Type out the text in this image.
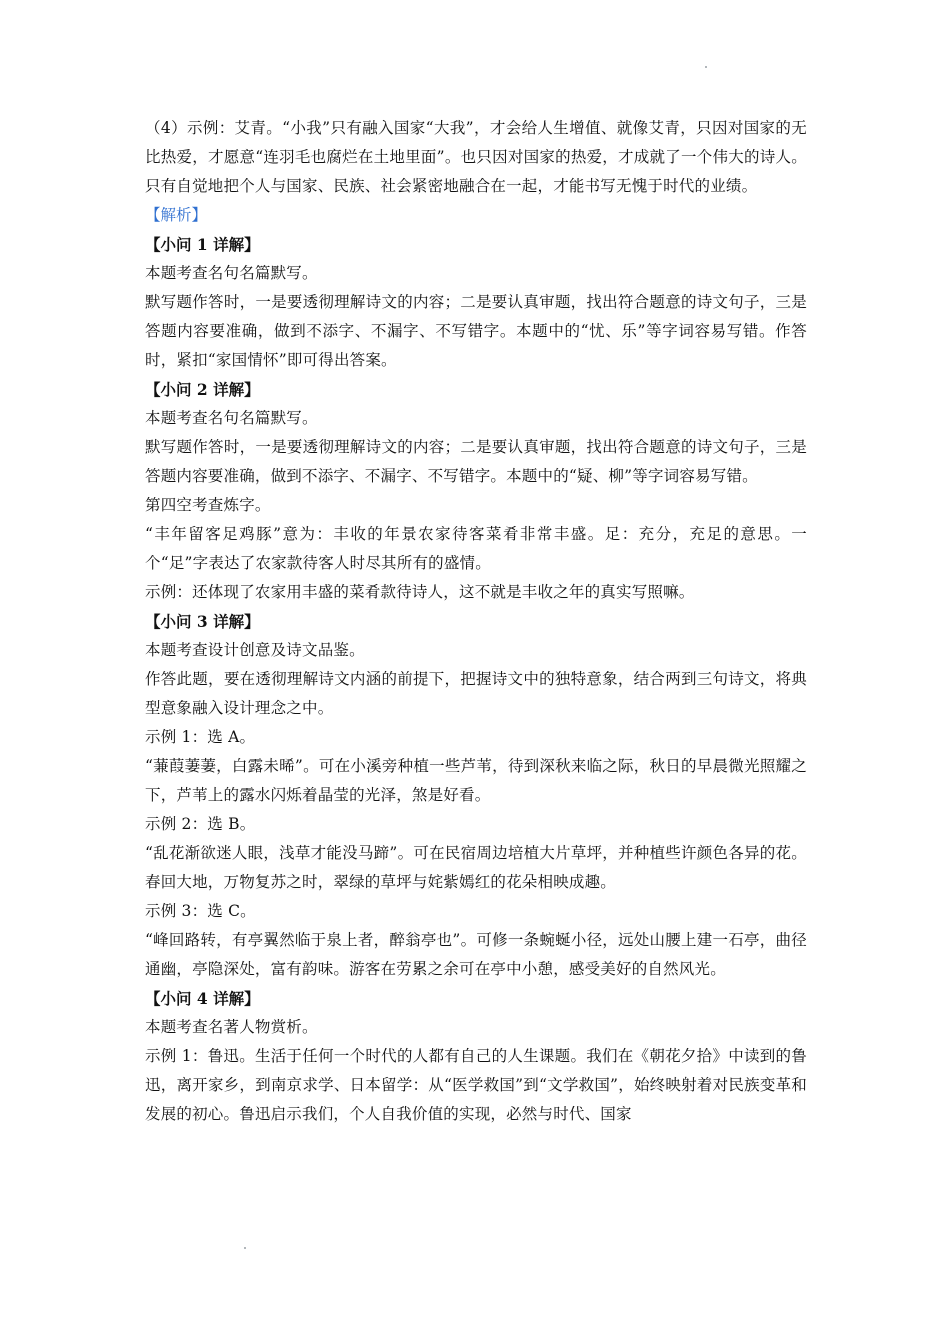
（4）示例：艾青。“小我”只有融入国家“大我”，才会给人生增值、就像艾青，只因对国家的无比热爱，才愿意“连羽毛也腐烂在土地里面”。也只因对国家的热爱，才成就了一个伟大的诗人。只有自觉地把个人与国家、民族、社会紧密地融合在一起，才能书写无愧于时代的业绩。

【解析】

【小问 1 详解】

本题考查名句名篇默写。

默写题作答时，一是要透彻理解诗文的内容；二是要认真审题，找出符合题意的诗文句子，三是答题内容要准确，做到不添字、不漏字、不写错字。本题中的“忧、乐”等字词容易写错。作答时，紧扣“家国情怀”即可得出答案。

【小问 2 详解】

本题考查名句名篇默写。

默写题作答时，一是要透彻理解诗文的内容；二是要认真审题，找出符合题意的诗文句子，三是答题内容要准确，做到不添字、不漏字、不写错字。本题中的“疑、柳”等字词容易写错。

第四空考查炼字。

“丰年留客足鸡豚”意为：丰收的年景农家待客菜肴非常丰盛。足：充分，充足的意思。一个“足”字表达了农家款待客人时尽其所有的盛情。

示例：还体现了农家用丰盛的菜肴款待诗人，这不就是丰收之年的真实写照嘛。

【小问 3 详解】

本题考查设计创意及诗文品鉴。

作答此题，要在透彻理解诗文内涵的前提下，把握诗文中的独特意象，结合两到三句诗文，将典型意象融入设计理念之中。

示例 1：选 A。

“蒹葭萋萋，白露未晞”。可在小溪旁种植一些芦苇，待到深秋来临之际，秋日的早晨微光照耀之下，芦苇上的露水闪烁着晶莹的光泽，煞是好看。

示例 2：选 B。

“乱花渐欲迷人眼，浅草才能没马蹄”。可在民宿周边培植大片草坪，并种植些许颜色各异的花。春回大地，万物复苏之时，翠绿的草坪与姹紫嫣红的花朵相映成趣。

示例 3：选 C。

“峰回路转，有亭翼然临于泉上者，醉翁亭也”。可修一条蜿蜒小径，远处山腰上建一石亭，曲径通幽，亭隐深处，富有韵味。游客在劳累之余可在亭中小憩，感受美好的自然风光。

【小问 4 详解】

本题考查名著人物赏析。

示例 1：鲁迅。生活于任何一个时代的人都有自己的人生课题。我们在《朝花夕拾》中读到的鲁迅，离开家乡，到南京求学、日本留学：从“医学救国”到“文学救国”，始终映射着对民族变革和发展的初心。鲁迅启示我们，个人自我价值的实现，必然与时代、国家
